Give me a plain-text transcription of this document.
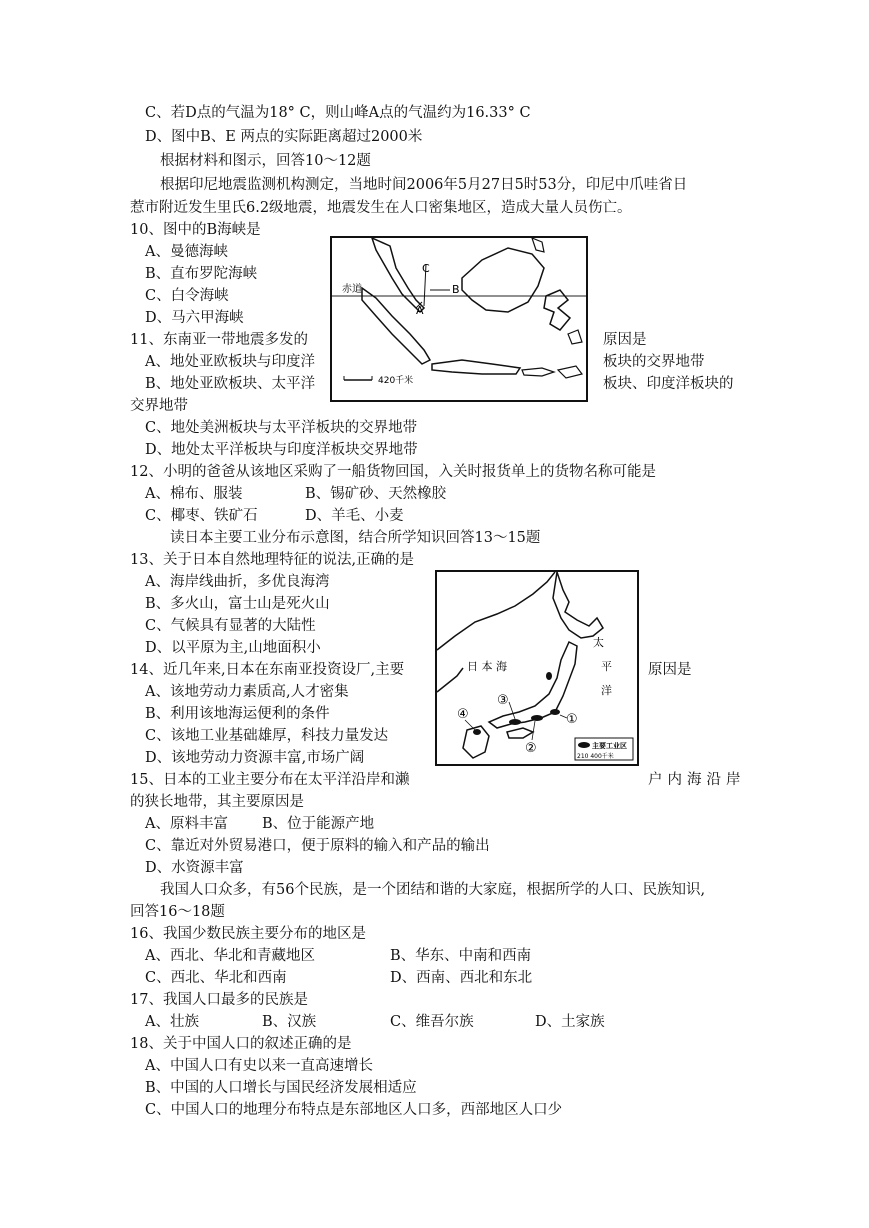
C、若D点的气温为18° C，则山峰A点的气温约为16.33° C
D、图中B、E 两点的实际距离超过2000米
根据材料和图示，回答10～12题
根据印尼地震监测机构测定，当地时间2006年5月27日5时53分，印尼中爪哇省日
惹市附近发生里氏6.2级地震，地震发生在人口密集地区，造成大量人员伤亡。
10、图中的B海峡是
A、曼德海峡
B、直布罗陀海峡
C、白令海峡
D、马六甲海峡
11、东南亚一带地震多发的	原因是
A、地处亚欧板块与印度洋	板块的交界地带
B、地处亚欧板块、太平洋	板块、印度洋板块的
交界地带
C、地处美洲板块与太平洋板块的交界地带
D、地处太平洋板块与印度洋板块交界地带
12、小明的爸爸从该地区采购了一船货物回国，入关时报货单上的货物名称可能是
A、棉布、服装	B、锡矿砂、天然橡胶
C、椰枣、铁矿石	D、羊毛、小麦
读日本主要工业分布示意图，结合所学知识回答13～15题
13、关于日本自然地理特征的说法,正确的是
A、海岸线曲折，多优良海湾
B、多火山，富士山是死火山
C、气候具有显著的大陆性
D、以平原为主,山地面积小
14、近几年来,日本在东南亚投资设厂,主要	原因是
A、该地劳动力素质高,人才密集
B、利用该地海运便利的条件
C、该地工业基础雄厚，科技力量发达
D、该地劳动力资源丰富,市场广阔
15、日本的工业主要分布在太平洋沿岸和濑	户内海沿岸
的狭长地带，其主要原因是
A、原料丰富 B、位于能源产地
C、靠近对外贸易港口，便于原料的输入和产品的输出
D、水资源丰富
我国人口众多，有56个民族，是一个团结和谐的大家庭，根据所学的人口、民族知识,
回答16～18题
16、我国少数民族主要分布的地区是
A、西北、华北和青藏地区	B、华东、中南和西南
C、西北、华北和西南	D、西南、西北和东北
17、我国人口最多的民族是
A、壮族	B、汉族	C、维吾尔族	D、土家族
18、关于中国人口的叙述正确的是
A、中国人口有史以来一直高速增长
B、中国的人口增长与国民经济发展相适应
C、中国人口的地理分布特点是东部地区人口多，西部地区人口少
赤道
A
B
C
420千米
①
②
③
④
日 本 海
太
平
洋
主要工业区
210 400千米
